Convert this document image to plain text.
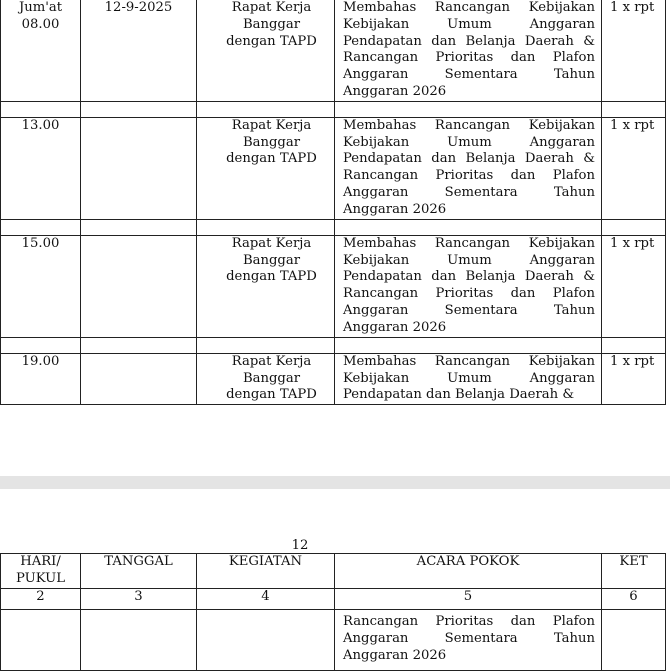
Jum'at 08.00	12-9-2025	Rapat Kerja Banggar dengan TAPD	Membahas Rancangan Kebijakan Kebijakan Umum Anggaran Pendapatan dan Belanja Daerah & Rancangan Prioritas dan Plafon Anggaran Sementara Tahun Anggaran 2026	1 x rpt

13.00		Rapat Kerja Banggar dengan TAPD	Membahas Rancangan Kebijakan Kebijakan Umum Anggaran Pendapatan dan Belanja Daerah & Rancangan Prioritas dan Plafon Anggaran Sementara Tahun Anggaran 2026	1 x rpt

15.00		Rapat Kerja Banggar dengan TAPD	Membahas Rancangan Kebijakan Kebijakan Umum Anggaran Pendapatan dan Belanja Daerah & Rancangan Prioritas dan Plafon Anggaran Sementara Tahun Anggaran 2026	1 x rpt

19.00		Rapat Kerja Banggar dengan TAPD	Membahas Rancangan Kebijakan Kebijakan Umum Anggaran Pendapatan dan Belanja Daerah &	1 x rpt
12
HARI/ PUKUL	TANGGAL	KEGIATAN	ACARA POKOK	KET
2	3	4	5	6
			Rancangan Prioritas dan Plafon Anggaran Sementara Tahun Anggaran 2026	
